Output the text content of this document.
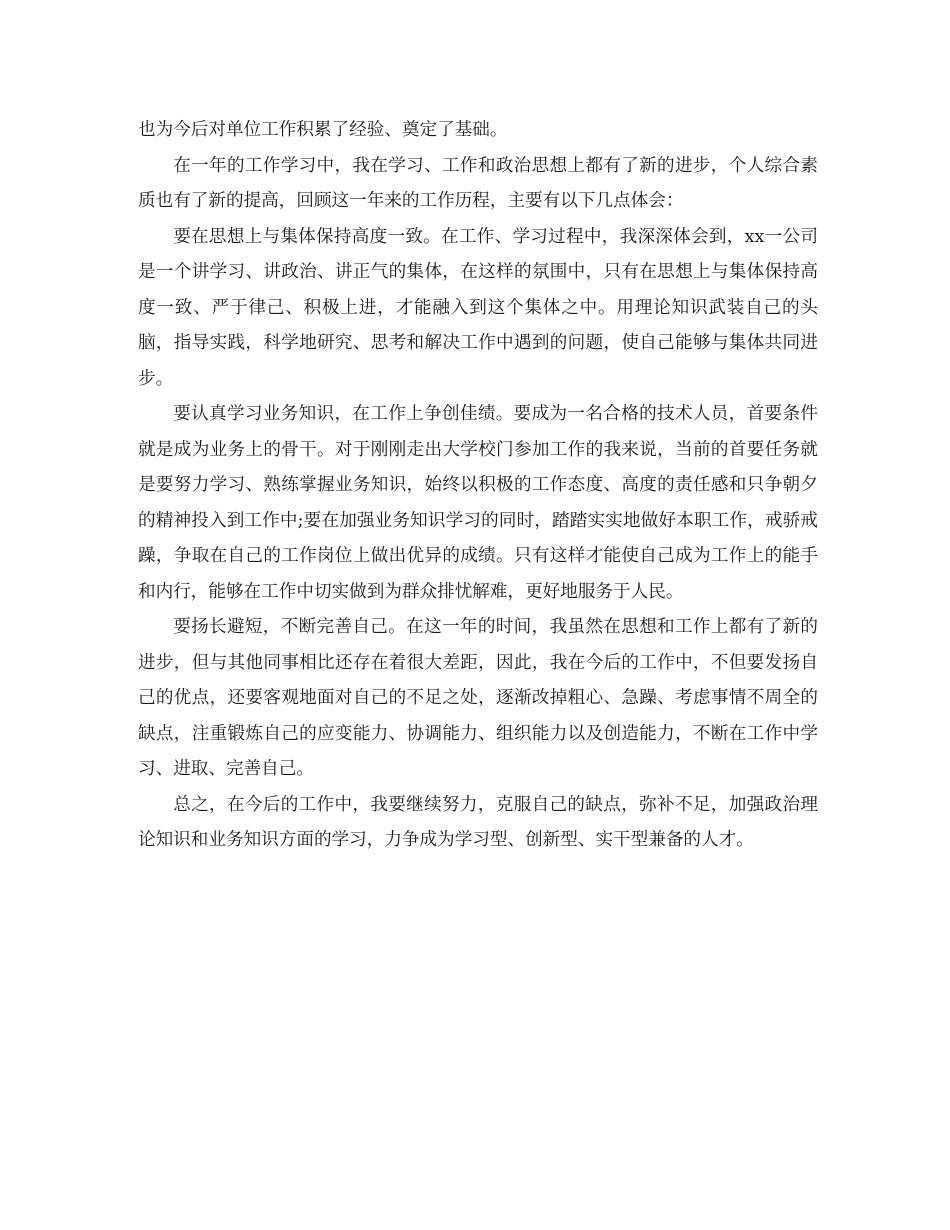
也为今后对单位工作积累了经验、奠定了基础。

在一年的工作学习中，我在学习、工作和政治思想上都有了新的进步，个人综合素质也有了新的提高，回顾这一年来的工作历程，主要有以下几点体会：

要在思想上与集体保持高度一致。在工作、学习过程中，我深深体会到，xx一公司是一个讲学习、讲政治、讲正气的集体，在这样的氛围中，只有在思想上与集体保持高度一致、严于律己、积极上进，才能融入到这个集体之中。用理论知识武装自己的头脑，指导实践，科学地研究、思考和解决工作中遇到的问题，使自己能够与集体共同进步。

要认真学习业务知识，在工作上争创佳绩。要成为一名合格的技术人员，首要条件就是成为业务上的骨干。对于刚刚走出大学校门参加工作的我来说，当前的首要任务就是要努力学习、熟练掌握业务知识，始终以积极的工作态度、高度的责任感和只争朝夕的精神投入到工作中;要在加强业务知识学习的同时，踏踏实实地做好本职工作，戒骄戒躁，争取在自己的工作岗位上做出优异的成绩。只有这样才能使自己成为工作上的能手和内行，能够在工作中切实做到为群众排忧解难，更好地服务于人民。

要扬长避短，不断完善自己。在这一年的时间，我虽然在思想和工作上都有了新的进步，但与其他同事相比还存在着很大差距，因此，我在今后的工作中，不但要发扬自己的优点，还要客观地面对自己的不足之处，逐渐改掉粗心、急躁、考虑事情不周全的缺点，注重锻炼自己的应变能力、协调能力、组织能力以及创造能力，不断在工作中学习、进取、完善自己。

总之，在今后的工作中，我要继续努力，克服自己的缺点，弥补不足，加强政治理论知识和业务知识方面的学习，力争成为学习型、创新型、实干型兼备的人才。
